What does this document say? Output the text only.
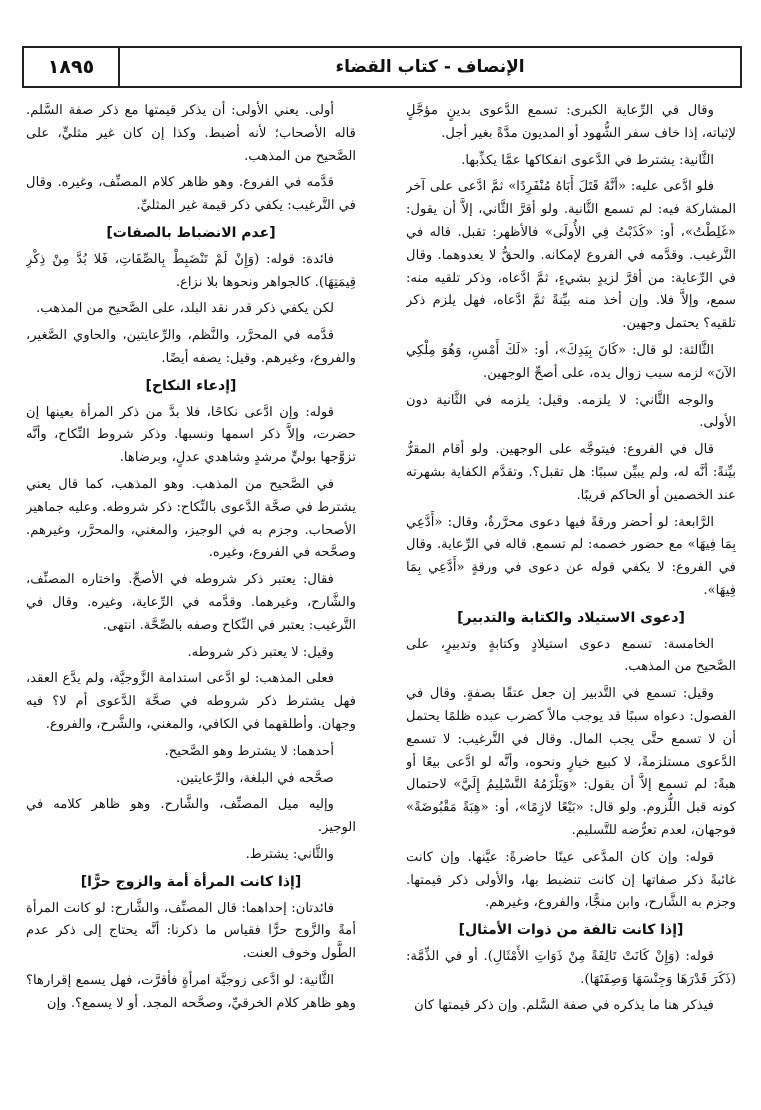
الإنصاف - كتاب القضاء
١٨٩٥

وقال في الرِّعاية الكبرى: تسمع الدَّعوى بدينٍ مؤجَّلٍ لإثباته، إذا خاف سفر الشُّهود أو المديون مدَّةً بغير أجل.

الثَّانية: يشترط في الدَّعوى انفكاكها عمَّا يكذِّبها.

فلو ادَّعى عليه: «أنَّهُ قَتَلَ أَبَاهُ مُنْفَرِدًا» ثمَّ ادَّعى على آخر المشاركة فيه: لم تسمع الثَّانية. ولو أقرَّ الثَّاني، إلاَّ أن يقول: «غَلِطْتُ»، أو: «كَذَبْتُ فِي الأُولَى» فالأظهر: تقبل. قاله في التَّرغيب. وقدَّمه في الفروع لإمكانه. والحقُّ لا يعدوهما. وقال في الرِّعاية: من أقرَّ لزيدٍ بشيءٍ، ثمَّ ادَّعاه، وذكر تلقيه منه: سمع، وإلاَّ فلا. وإن أخذ منه بيِّنةً ثمَّ ادَّعاه، فهل يلزم ذكر تلقيه؟ يحتمل وجهين.

الثَّالثة: لو قال: «كَانَ بِيَدِكَ»، أو: «لَكَ أَمْسِ، وَهُوَ مِلْكِي الآنَ» لزمه سبب زوال يده، على أصحِّ الوجهين.

والوجه الثَّاني: لا يلزمه. وقيل: يلزمه في الثَّانية دون الأولى.

قال في الفروع: فيتوجَّه على الوجهين. ولو أقام المقرُّ بيِّنةً: أنَّه له، ولم يبيِّن سببًا: هل تقبل؟. وتقدَّم الكفاية بشهرته عند الخصمين أو الحاكم قريبًا.

الرَّابعة: لو أحضر ورقةً فيها دعوى محرَّرةٌ، وقال: «أَدَّعِي بِمَا فِيهَا» مع حضور خصمه: لم تسمع. قاله في الرِّعاية. وقال في الفروع: لا يكفي قوله عن دعوى في ورقةٍ «أَدَّعِي بِمَا فِيهَا».

[دعوى الاستيلاد والكتابة والتدبير]

الخامسة: تسمع دعوى استيلادٍ وكتابةٍ وتدبيرٍ، على الصَّحيح من المذهب.

وقيل: تسمع في التَّدبير إن جعل عتقًا بصفةٍ. وقال في الفصول: دعواه سببًا قد يوجب مالاً كضرب عبده ظلمًا يحتمل أن لا تسمع حتَّى يجب المال. وقال في التَّرغيب: لا تسمع الدَّعوى مستلزمةً، لا كبيع خيارٍ ونحوه، وأنَّه لو ادَّعى بيعًا أو هبةً: لم تسمع إلاَّ أن يقول: «وَيَلْزَمُهُ التَّسْلِيمُ إِلَيَّ» لاحتمال كونه قبل اللُّزوم. ولو قال: «بَيْعًا لازِمًا»، أو: «هِبَةً مَقْبُوضَةً» فوجهان، لعدم تعرُّضه للتَّسليم.

قوله: وإن كان المدَّعى عينًا حاضرةً: عيَّنها. وإن كانت غائبةً ذكر صفاتها إن كانت تنضبط بها، والأولى ذكر قيمتها. وجزم به الشَّارح، وابن منجًّا، والفروع، وغيرهم.

[إذا كانت تالفة من ذوات الأمثال]

قوله: (وَإِنْ كَانَتْ تَالِفَةً مِنْ ذَوَاتِ الأَمْثَالِ). أو في الذِّمَّة: (ذَكَرَ قَدْرَهَا وَجِنْسَهَا وَصِفَتَهَا).

فيذكر هنا ما يذكره في صفة السَّلم. وإن ذكر قيمتها كان

أولى. يعني الأولى: أن يذكر قيمتها مع ذكر صفة السَّلم. قاله الأصحاب؛ لأنه أضبط. وكذا إن كان غير مثليٍّ، على الصَّحيح من المذهب.

قدَّمه في الفروع. وهو ظاهر كلام المصنِّف، وغيره. وقال في التَّرغيب: يكفي ذكر قيمة غير المثليِّ.

[عدم الانضباط بالصفات]

فائدة: قوله: (وَإِنْ لَمْ تَنْضَبِطْ بِالصِّفَاتِ، فَلا بُدَّ مِنْ ذِكْرِ قِيمَتِهَا). كالجواهر ونحوها بلا نزاع.

لكن يكفي ذكر قدر نقد البلد، على الصَّحيح من المذهب.

قدَّمه في المحرَّر، والنَّظم، والرِّعايتين، والحاوي الصَّغير، والفروع، وغيرهم. وقيل: يصفه أيضًا.

[إدعاء النكاح]

قوله: وإن ادَّعى نكاحًا، فلا بدَّ من ذكر المرأة بعينها إن حضرت، وإلاَّ ذكر اسمها ونسبها. وذكر شروط النِّكاح، وأنَّه تزوَّجها بوليٍّ مرشدٍ وشاهدي عدلٍ، وبرضاها.

في الصَّحيح من المذهب. وهو المذهب، كما قال يعني يشترط في صحَّة الدَّعوى بالنِّكاح: ذكر شروطه. وعليه جماهير الأصحاب. وجزم به في الوجيز، والمغني، والمحرَّر، وغيرهم. وصحَّحه في الفروع، وغيره.

فقال: يعتبر ذكر شروطه في الأصحِّ. واختاره المصنِّف، والشَّارح، وغيرهما. وقدَّمه في الرِّعاية، وغيره. وقال في التَّرغيب: يعتبر في النِّكاح وصفه بالصِّحَّة. انتهى.

وقيل: لا يعتبر ذكر شروطه.

فعلى المذهب: لو ادَّعى استدامة الزَّوجيَّة، ولم يدَّع العقد، فهل يشترط ذكر شروطه في صحَّة الدَّعوى أم لا؟ فيه وجهان. وأطلقهما في الكافي، والمغني، والشَّرح، والفروع.

أحدهما: لا يشترط وهو الصَّحيح.

صحَّحه في البلغة، والرِّعايتين.

وإليه ميل المصنِّف، والشَّارح. وهو ظاهر كلامه في الوجيز.

والثَّاني: يشترط.

[إذا كانت المرأة أمة والزوج حرًّا]

فائدتان: إحداهما: قال المصنِّف، والشَّارح: لو كانت المرأة أمةً والزَّوج حرًّا فقياس ما ذكرنا: أنَّه يحتاج إلى ذكر عدم الطَّول وخوف العنت.

الثَّانية: لو ادَّعى زوجيَّة امرأةٍ فأقرَّت، فهل يسمع إقرارها؟ وهو ظاهر كلام الخرقيِّ، وصحَّحه المجد. أو لا يسمع؟. وإن
